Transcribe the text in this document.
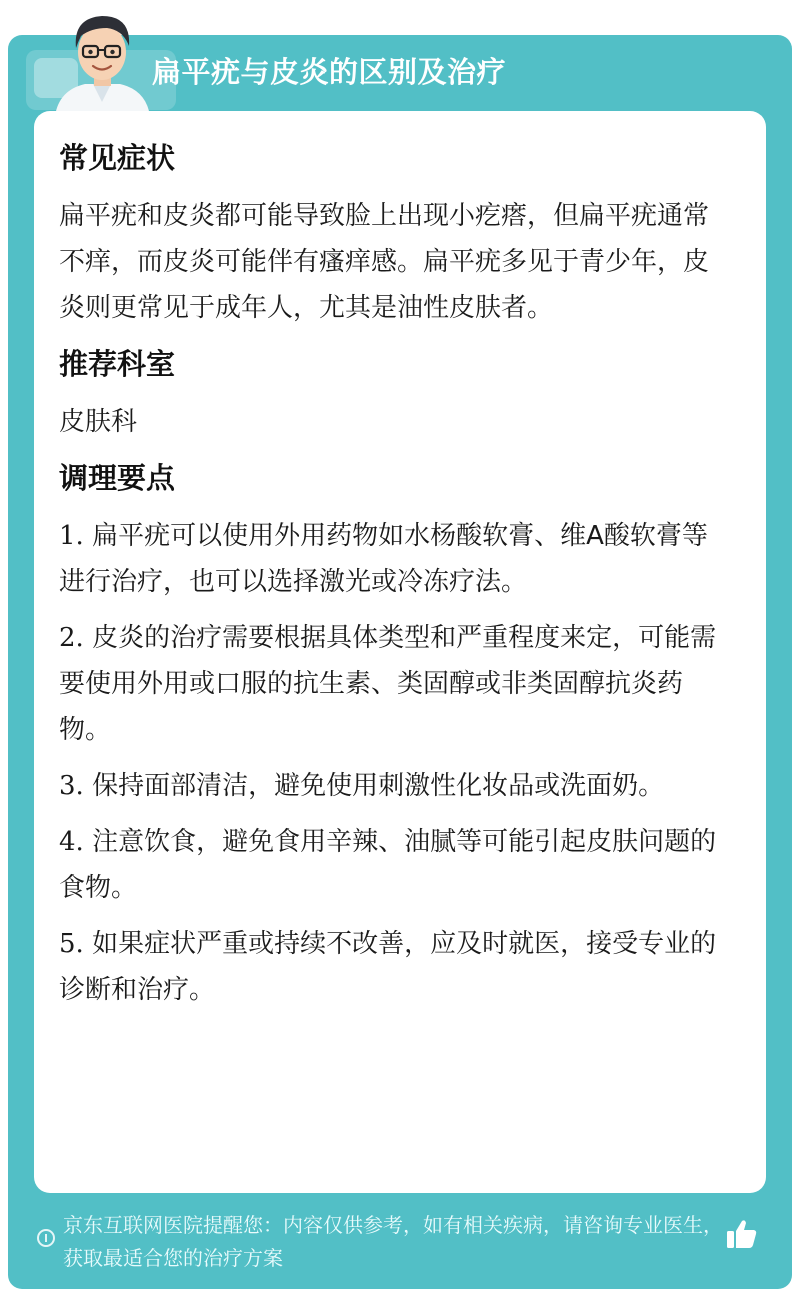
扁平疣与皮炎的区别及治疗
常见症状

扁平疣和皮炎都可能导致脸上出现小疙瘩，但扁平疣通常不痒，而皮炎可能伴有瘙痒感。扁平疣多见于青少年，皮炎则更常见于成年人，尤其是油性皮肤者。

推荐科室

皮肤科

调理要点

1. 扁平疣可以使用外用药物如水杨酸软膏、维A酸软膏等进行治疗，也可以选择激光或冷冻疗法。

2. 皮炎的治疗需要根据具体类型和严重程度来定，可能需要使用外用或口服的抗生素、类固醇或非类固醇抗炎药物。

3. 保持面部清洁，避免使用刺激性化妆品或洗面奶。

4. 注意饮食，避免食用辛辣、油腻等可能引起皮肤问题的食物。

5. 如果症状严重或持续不改善，应及时就医，接受专业的诊断和治疗。

京东互联网医院提醒您：内容仅供参考，如有相关疾病，请咨询专业医生，获取最适合您的治疗方案
